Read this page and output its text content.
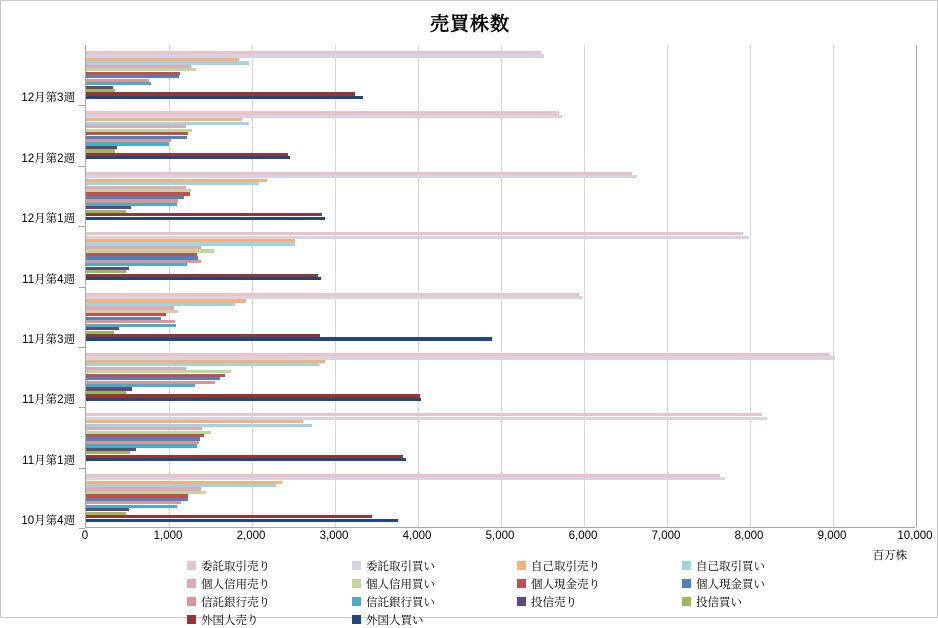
売買株数
10月第4週
11月第1週
11月第2週
11月第3週
11月第4週
12月第1週
12月第2週
12月第3週
0	1,000	2,000	3,000	4,000	5,000	6,000	7,000	8,000	9,000	10,000
百万株
委託取引売り	委託取引買い	自己取引売り	自己取引買い
個人信用売り	個人信用買い	個人現金売り	個人現金買い
信託銀行売り	信託銀行買い	投信売り	投信買い
外国人売り	外国人買い
